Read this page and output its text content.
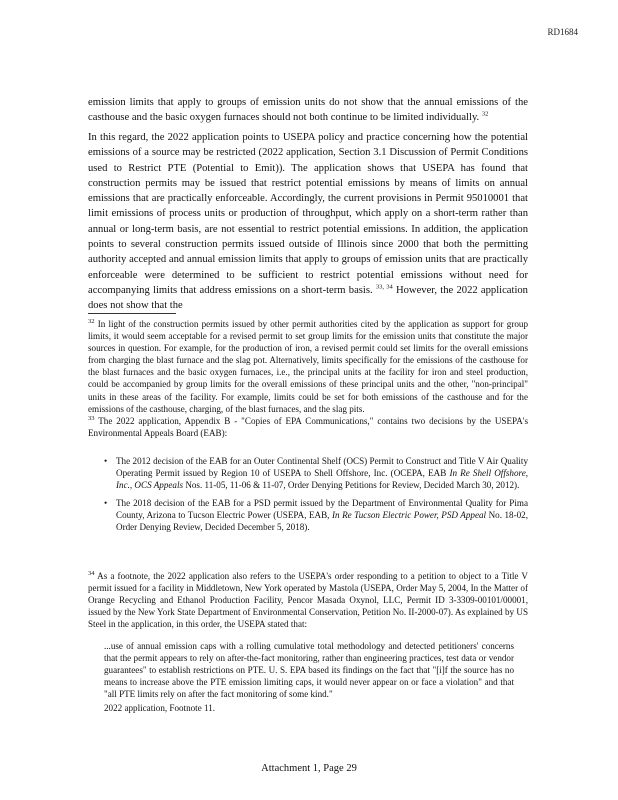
RD1684
emission limits that apply to groups of emission units do not show that the annual emissions of the casthouse and the basic oxygen furnaces should not both continue to be limited individually. $^{32}$
In this regard, the 2022 application points to USEPA policy and practice concerning how the potential emissions of a source may be restricted (2022 application, Section 3.1 Discussion of Permit Conditions used to Restrict PTE (Potential to Emit)). The application shows that USEPA has found that construction permits may be issued that restrict potential emissions by means of limits on annual emissions that are practically enforceable. Accordingly, the current provisions in Permit 95010001 that limit emissions of process units or production of throughput, which apply on a short-term rather than annual or long-term basis, are not essential to restrict potential emissions. In addition, the application points to several construction permits issued outside of Illinois since 2000 that both the permitting authority accepted and annual emission limits that apply to groups of emission units that are practically enforceable were determined to be sufficient to restrict potential emissions without need for accompanying limits that address emissions on a short-term basis. $^{33, 34}$ However, the 2022 application does not show that the
$^{32}$ In light of the construction permits issued by other permit authorities cited by the application as support for group limits, it would seem acceptable for a revised permit to set group limits for the emission units that constitute the major sources in question. For example, for the production of iron, a revised permit could set limits for the overall emissions from charging the blast furnace and the slag pot. Alternatively, limits specifically for the emissions of the casthouse for the blast furnaces and the basic oxygen furnaces, i.e., the principal units at the facility for iron and steel production, could be accompanied by group limits for the overall emissions of these principal units and the other, "non-principal" units in these areas of the facility. For example, limits could be set for both emissions of the casthouse and for the emissions of the casthouse, charging, of the blast furnaces, and the slag pits.
$^{33}$ The 2022 application, Appendix B - "Copies of EPA Communications," contains two decisions by the USEPA's Environmental Appeals Board (EAB):
• The 2012 decision of the EAB for an Outer Continental Shelf (OCS) Permit to Construct and Title V Air Quality Operating Permit issued by Region 10 of USEPA to Shell Offshore, Inc. (OCEPA, EAB In Re Shell Offshore, Inc., OCS Appeals Nos. 11-05, 11-06 & 11-07, Order Denying Petitions for Review, Decided March 30, 2012).
• The 2018 decision of the EAB for a PSD permit issued by the Department of Environmental Quality for Pima County, Arizona to Tucson Electric Power (USEPA, EAB, In Re Tucson Electric Power, PSD Appeal No. 18-02, Order Denying Review, Decided December 5, 2018).
$^{34}$ As a footnote, the 2022 application also refers to the USEPA's order responding to a petition to object to a Title V permit issued for a facility in Middletown, New York operated by Mastola (USEPA, Order May 5, 2004, In the Matter of Orange Recycling and Ethanol Production Facility, Pencor Masada Oxynol, LLC, Permit ID 3-3309-00101/00001, issued by the New York State Department of Environmental Conservation, Petition No. II-2000-07). As explained by US Steel in the application, in this order, the USEPA stated that:
...use of annual emission caps with a rolling cumulative total methodology and detected petitioners' concerns that the permit appears to rely on after-the-fact monitoring, rather than engineering practices, test data or vendor guarantees" to establish restrictions on PTE. U. S. EPA based its findings on the fact that "[i]f the source has no means to increase above the PTE emission limiting caps, it would never appear on or face a violation" and that "all PTE limits rely on after the fact monitoring of some kind."
2022 application, Footnote 11.
Attachment 1, Page 29
